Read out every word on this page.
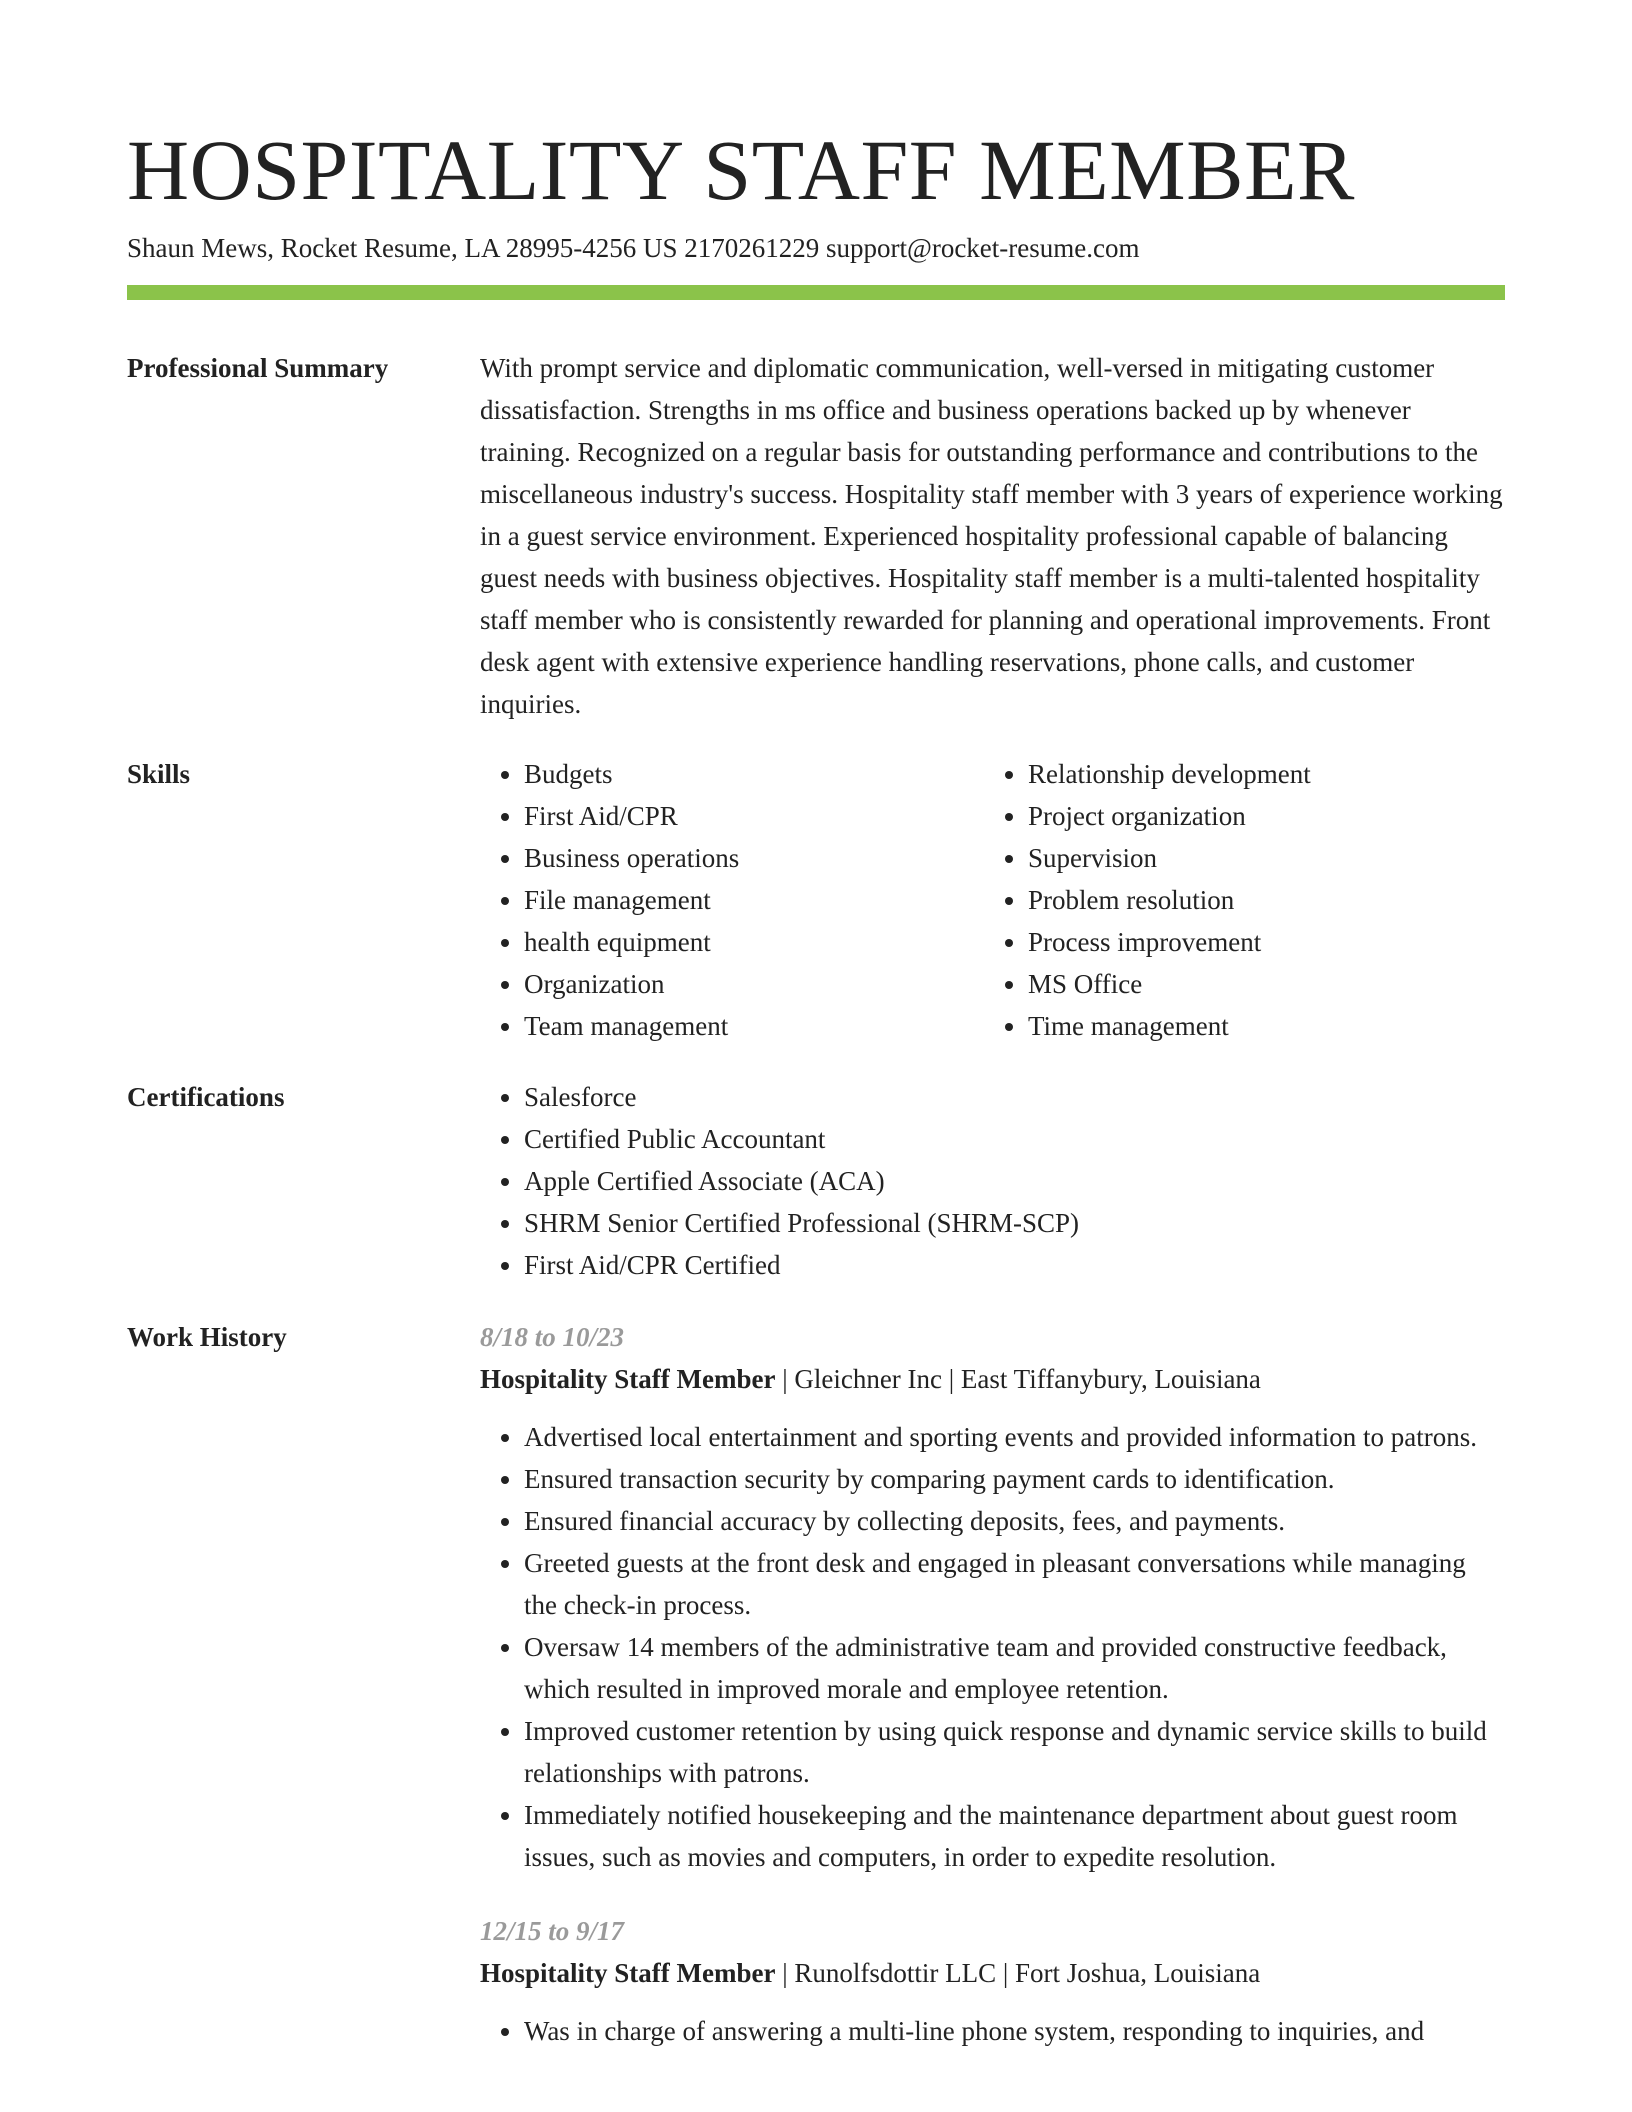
HOSPITALITY STAFF MEMBER
Shaun Mews, Rocket Resume, LA 28995-4256 US 2170261229 support@rocket-resume.com
Professional Summary	With prompt service and diplomatic communication, well-versed in mitigating customer dissatisfaction. Strengths in ms office and business operations backed up by whenever training. Recognized on a regular basis for outstanding performance and contributions to the miscellaneous industry's success. Hospitality staff member with 3 years of experience working in a guest service environment. Experienced hospitality professional capable of balancing guest needs with business objectives. Hospitality staff member is a multi-talented hospitality staff member who is consistently rewarded for planning and operational improvements. Front desk agent with extensive experience handling reservations, phone calls, and customer inquiries.

Skills	• Budgets
• First Aid/CPR
• Business operations
• File management
• health equipment
• Organization
• Team management
• Relationship development
• Project organization
• Supervision
• Problem resolution
• Process improvement
• MS Office
• Time management
Certifications	• Salesforce
• Certified Public Accountant
• Apple Certified Associate (ACA)
• SHRM Senior Certified Professional (SHRM-SCP)
• First Aid/CPR Certified
Work History	8/18 to 10/23
Hospitality Staff Member | Gleichner Inc | East Tiffanybury, Louisiana
• Advertised local entertainment and sporting events and provided information to patrons.
• Ensured transaction security by comparing payment cards to identification.
• Ensured financial accuracy by collecting deposits, fees, and payments.
• Greeted guests at the front desk and engaged in pleasant conversations while managing the check-in process.
• Oversaw 14 members of the administrative team and provided constructive feedback, which resulted in improved morale and employee retention.
• Improved customer retention by using quick response and dynamic service skills to build relationships with patrons.
• Immediately notified housekeeping and the maintenance department about guest room issues, such as movies and computers, in order to expedite resolution.
12/15 to 9/17
Hospitality Staff Member | Runolfsdottir LLC | Fort Joshua, Louisiana
• Was in charge of answering a multi-line phone system, responding to inquiries, and
